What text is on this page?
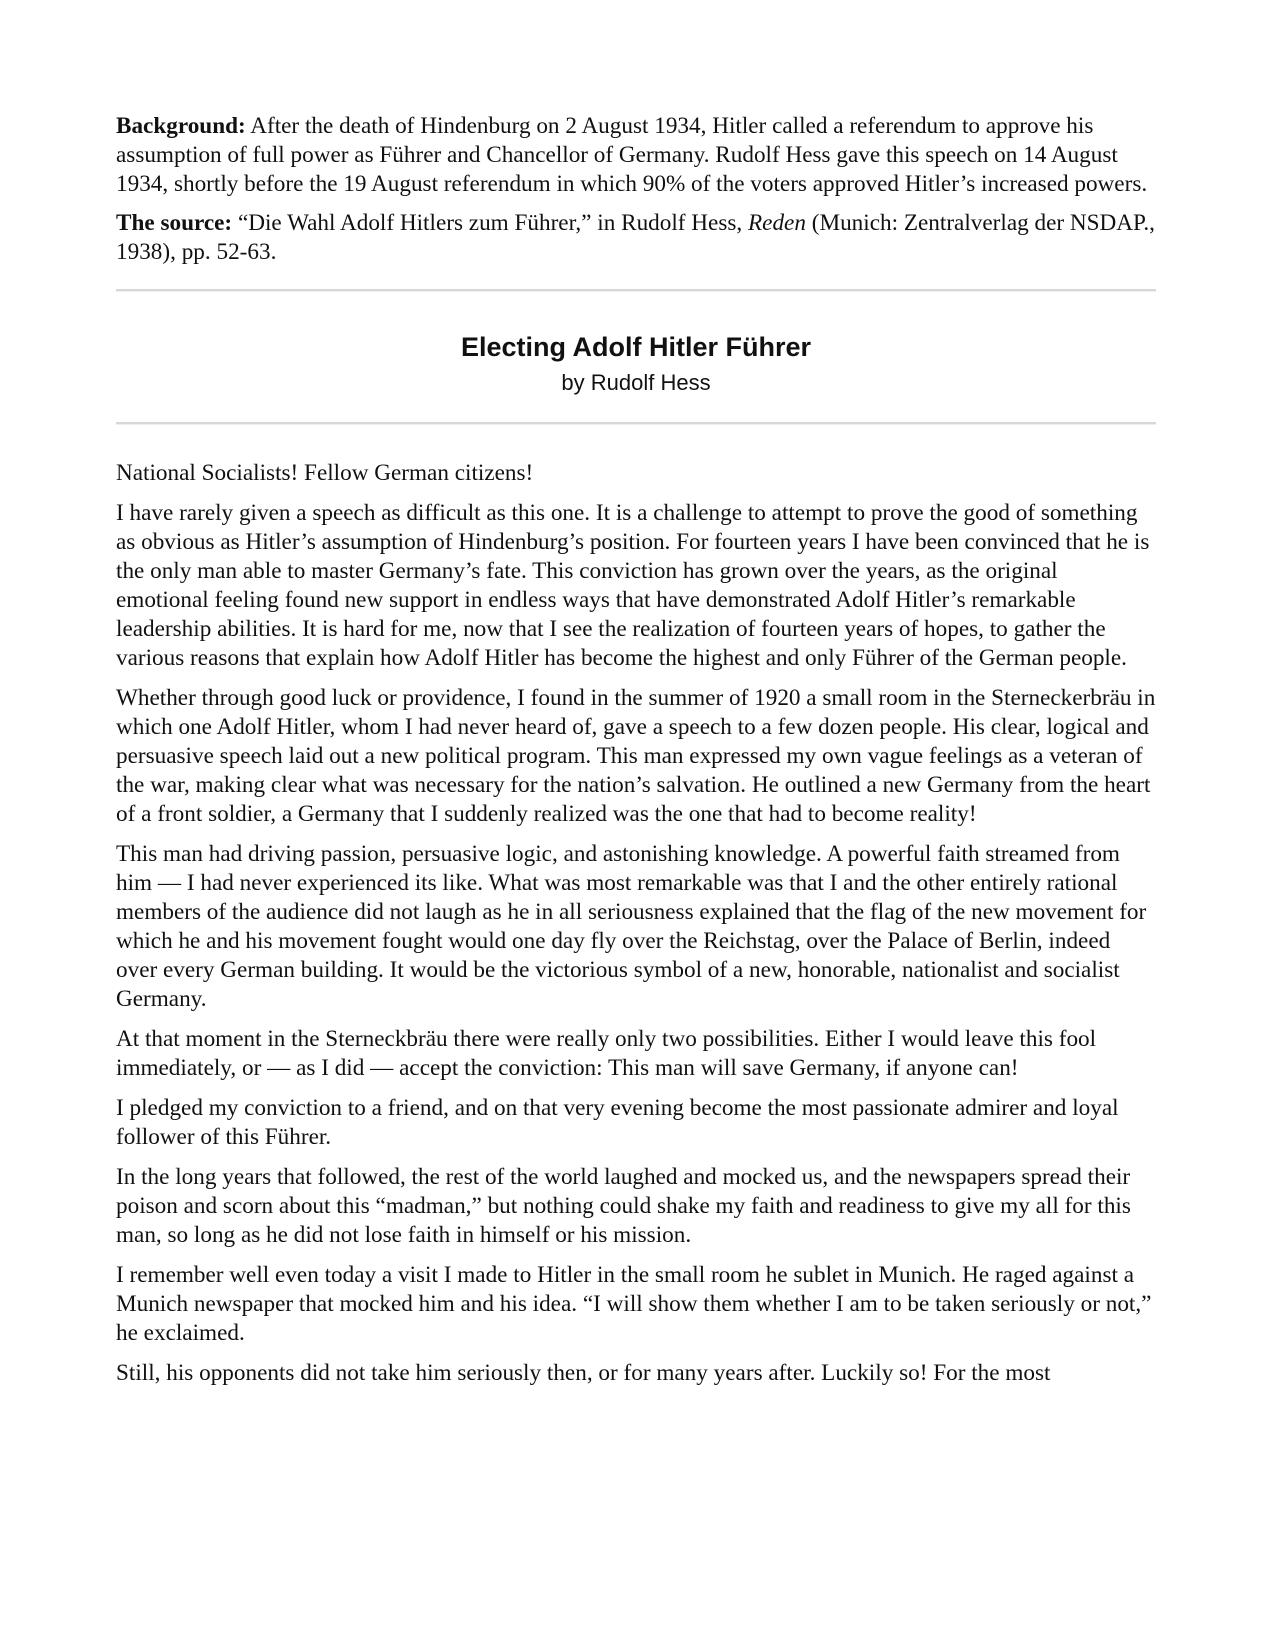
Background: After the death of Hindenburg on 2 August 1934, Hitler called a referendum to approve his assumption of full power as Führer and Chancellor of Germany. Rudolf Hess gave this speech on 14 August 1934, shortly before the 19 August referendum in which 90% of the voters approved Hitler’s increased powers.

The source: “Die Wahl Adolf Hitlers zum Führer,” in Rudolf Hess, Reden (Munich: Zentralverlag der NSDAP., 1938), pp. 52-63.

Electing Adolf Hitler Führer

by Rudolf Hess

National Socialists! Fellow German citizens!

I have rarely given a speech as difficult as this one. It is a challenge to attempt to prove the good of something as obvious as Hitler’s assumption of Hindenburg’s position. For fourteen years I have been convinced that he is the only man able to master Germany’s fate. This conviction has grown over the years, as the original emotional feeling found new support in endless ways that have demonstrated Adolf Hitler’s remarkable leadership abilities. It is hard for me, now that I see the realization of fourteen years of hopes, to gather the various reasons that explain how Adolf Hitler has become the highest and only Führer of the German people.

Whether through good luck or providence, I found in the summer of 1920 a small room in the Sterneckerbräu in which one Adolf Hitler, whom I had never heard of, gave a speech to a few dozen people. His clear, logical and persuasive speech laid out a new political program. This man expressed my own vague feelings as a veteran of the war, making clear what was necessary for the nation’s salvation. He outlined a new Germany from the heart of a front soldier, a Germany that I suddenly realized was the one that had to become reality!

This man had driving passion, persuasive logic, and astonishing knowledge. A powerful faith streamed from him — I had never experienced its like. What was most remarkable was that I and the other entirely rational members of the audience did not laugh as he in all seriousness explained that the flag of the new movement for which he and his movement fought would one day fly over the Reichstag, over the Palace of Berlin, indeed over every German building. It would be the victorious symbol of a new, honorable, nationalist and socialist Germany.

At that moment in the Sterneckbräu there were really only two possibilities. Either I would leave this fool immediately, or — as I did — accept the conviction: This man will save Germany, if anyone can!

I pledged my conviction to a friend, and on that very evening become the most passionate admirer and loyal follower of this Führer.

In the long years that followed, the rest of the world laughed and mocked us, and the newspapers spread their poison and scorn about this “madman,” but nothing could shake my faith and readiness to give my all for this man, so long as he did not lose faith in himself or his mission.

I remember well even today a visit I made to Hitler in the small room he sublet in Munich. He raged against a Munich newspaper that mocked him and his idea. “I will show them whether I am to be taken seriously or not,” he exclaimed.

Still, his opponents did not take him seriously then, or for many years after. Luckily so! For the most
